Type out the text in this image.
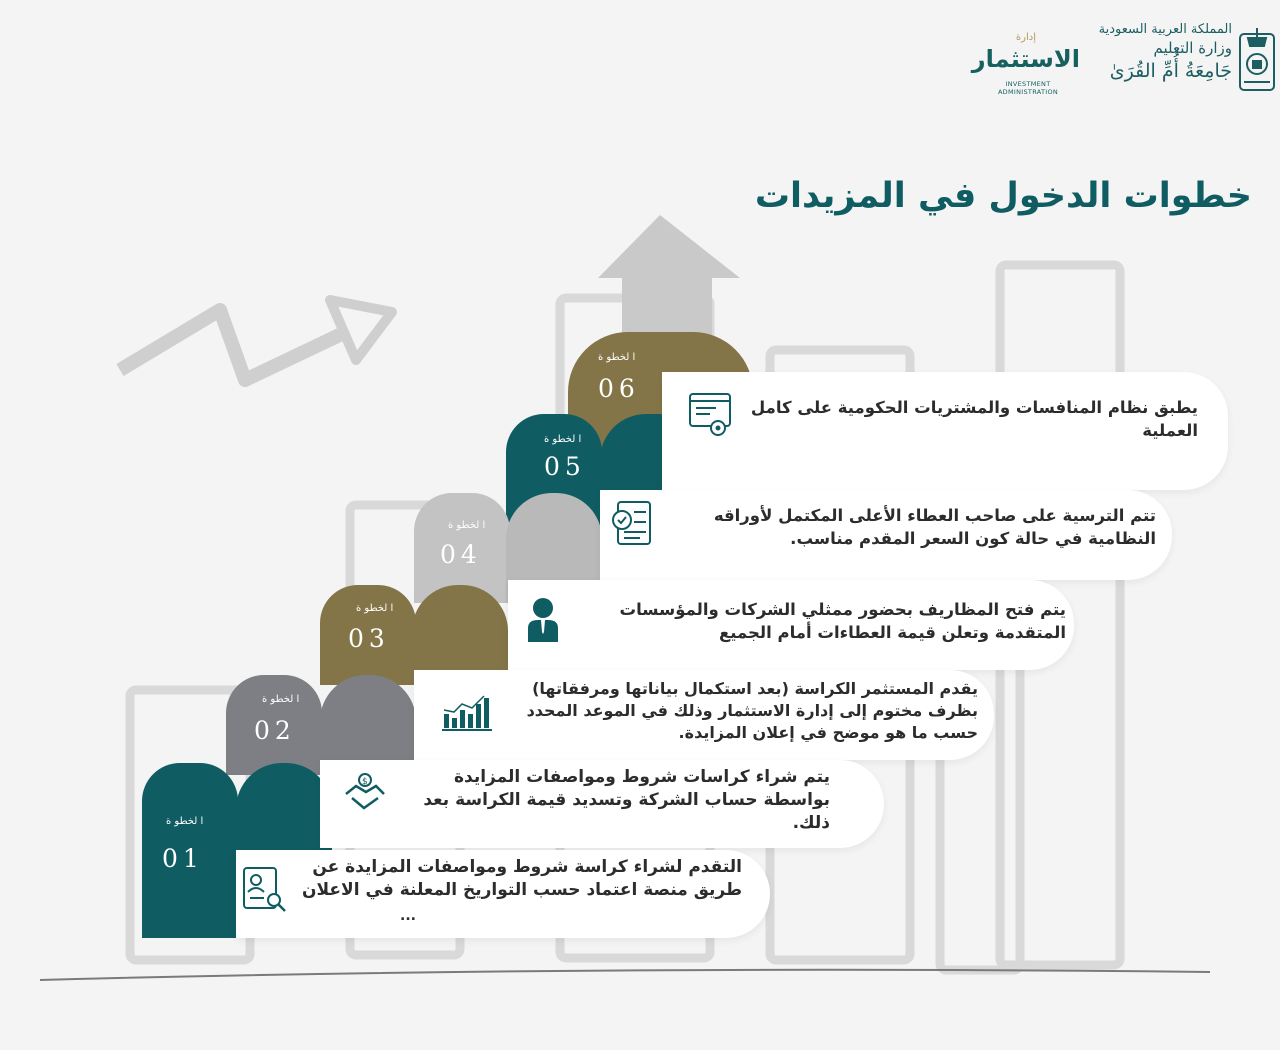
المملكة العربية السعودية
وزارة التعليم
جَامِعَةُ أُمِّ القُرَىٰ
إدارة
الاستثمار
INVESTMENT ADMINISTRATION
خطوات الدخول في المزيدات
ا لخطو ة
06
ا لخطو ة
05
يطبق نظام المنافسات والمشتريات الحكومية على كامل العملية
ا لخطو ة
04
تتم الترسية على صاحب العطاء الأعلى المكتمل لأوراقه النظامية في حالة كون السعر المقدم مناسب.
ا لخطو ة
03
يتم فتح المظاريف بحضور ممثلي الشركات والمؤسسات المتقدمة وتعلن قيمة العطاءات أمام الجميع
ا لخطو ة
02
يقدم المستثمر الكراسة (بعد استكمال بياناتها ومرفقاتها) بظرف مختوم إلى إدارة الاستثمار وذلك في الموعد المحدد حسب ما هو موضح في إعلان المزايدة.
ا لخطو ة
01
$	يتم شراء كراسات شروط ومواصفات المزايدة بواسطة حساب الشركة وتسديد قيمة الكراسة بعد ذلك.
التقدم لشراء كراسة شروط ومواصفات المزايدة عن طريق منصة اعتماد حسب التواريخ المعلنة في الاعلان
...
